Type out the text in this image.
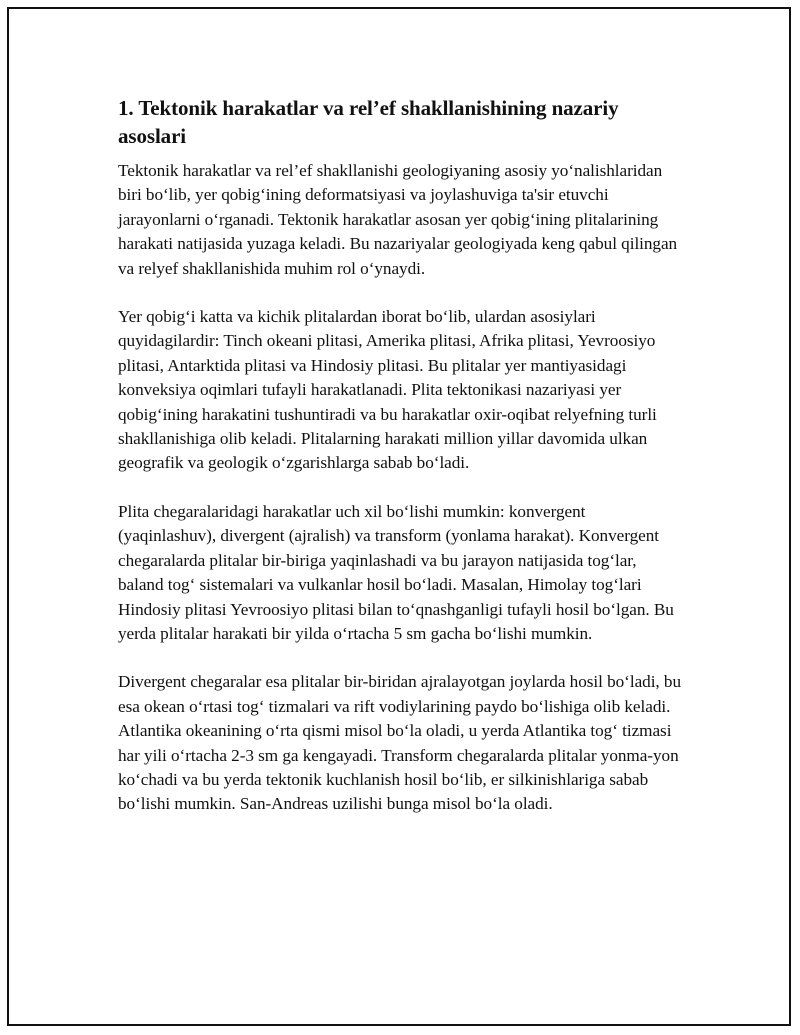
1. Tektonik harakatlar va rel’ef shakllanishining nazariy asoslari

Tektonik harakatlar va rel’ef shakllanishi geologiyaning asosiy yo‘nalishlaridan biri bo‘lib, yer qobig‘ining deformatsiyasi va joylashuviga ta'sir etuvchi jarayonlarni o‘rganadi. Tektonik harakatlar asosan yer qobig‘ining plitalarining harakati natijasida yuzaga keladi. Bu nazariyalar geologiyada keng qabul qilingan va relyef shakllanishida muhim rol o‘ynaydi.

Yer qobig‘i katta va kichik plitalardan iborat bo‘lib, ulardan asosiylari quyidagilardir: Tinch okeani plitasi, Amerika plitasi, Afrika plitasi, Yevroosiyo plitasi, Antarktida plitasi va Hindosiy plitasi. Bu plitalar yer mantiyasidagi konveksiya oqimlari tufayli harakatlanadi. Plita tektonikasi nazariyasi yer qobig‘ining harakatini tushuntiradi va bu harakatlar oxir-oqibat relyefning turli shakllanishiga olib keladi. Plitalarning harakati million yillar davomida ulkan geografik va geologik o‘zgarishlarga sabab bo‘ladi.

Plita chegaralaridagi harakatlar uch xil bo‘lishi mumkin: konvergent (yaqinlashuv), divergent (ajralish) va transform (yonlama harakat). Konvergent chegaralarda plitalar bir-biriga yaqinlashadi va bu jarayon natijasida tog‘lar, baland tog‘ sistemalari va vulkanlar hosil bo‘ladi. Masalan, Himolay tog‘lari Hindosiy plitasi Yevroosiyo plitasi bilan to‘qnashganligi tufayli hosil bo‘lgan. Bu yerda plitalar harakati bir yilda o‘rtacha 5 sm gacha bo‘lishi mumkin.

Divergent chegaralar esa plitalar bir-biridan ajralayotgan joylarda hosil bo‘ladi, bu esa okean o‘rtasi tog‘ tizmalari va rift vodiylarining paydo bo‘lishiga olib keladi. Atlantika okeanining o‘rta qismi misol bo‘la oladi, u yerda Atlantika tog‘ tizmasi har yili o‘rtacha 2-3 sm ga kengayadi. Transform chegaralarda plitalar yonma-yon ko‘chadi va bu yerda tektonik kuchlanish hosil bo‘lib, er silkinishlariga sabab bo‘lishi mumkin. San-Andreas uzilishi bunga misol bo‘la oladi.
